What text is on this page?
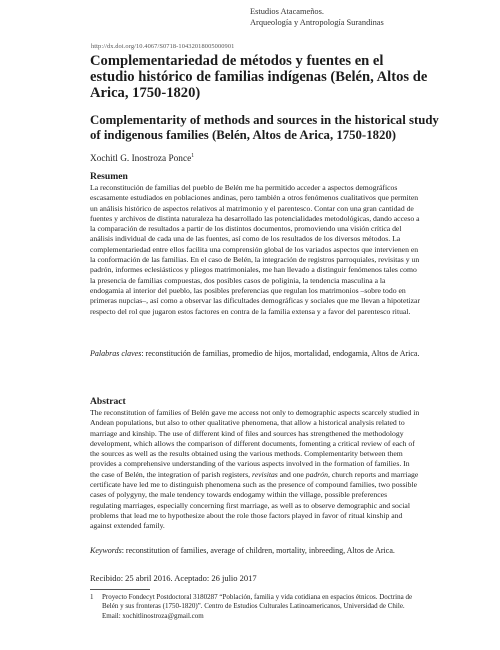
Estudios Atacameños.
Arqueología y Antropología Surandinas
http://dx.doi.org/10.4067/S0718-10432018005000901
Complementariedad de métodos y fuentes en el estudio histórico de familias indígenas (Belén, Altos de Arica, 1750-1820)
Complementarity of methods and sources in the historical study of indigenous families (Belén, Altos de Arica, 1750-1820)
Xochitl G. Inostroza Ponce$^1$
Resumen

La reconstitución de familias del pueblo de Belén me ha permitido acceder a aspectos demográficos escasamente estudiados en poblaciones andinas, pero también a otros fenómenos cualitativos que permiten un análisis histórico de aspectos relativos al matrimonio y el parentesco. Contar con una gran cantidad de fuentes y archivos de distinta naturaleza ha desarrollado las potencialidades metodológicas, dando acceso a la comparación de resultados a partir de los distintos documentos, promoviendo una visión crítica del análisis individual de cada una de las fuentes, así como de los resultados de los diversos métodos. La complementariedad entre ellos facilita una comprensión global de los variados aspectos que intervienen en la conformación de las familias. En el caso de Belén, la integración de registros parroquiales, revisitas y un padrón, informes eclesiásticos y pliegos matrimoniales, me han llevado a distinguir fenómenos tales como la presencia de familias compuestas, dos posibles casos de poliginia, la tendencia masculina a la endogamia al interior del pueblo, las posibles preferencias que regulan los matrimonios –sobre todo en primeras nupcias–, así como a observar las dificultades demográficas y sociales que me llevan a hipotetizar respecto del rol que jugaron estos factores en contra de la familia extensa y a favor del parentesco ritual.

Palabras claves: reconstitución de familias, promedio de hijos, mortalidad, endogamia, Altos de Arica.

Abstract

The reconstitution of families of Belén gave me access not only to demographic aspects scarcely studied in Andean populations, but also to other qualitative phenomena, that allow a historical analysis related to marriage and kinship. The use of different kind of files and sources has strengthened the methodology development, which allows the comparison of different documents, fomenting a critical review of each of the sources as well as the results obtained using the various methods. Complementarity between them provides a comprehensive understanding of the various aspects involved in the formation of families. In the case of Belén, the integration of parish registers, revisitas and one padrón, church reports and marriage certificate have led me to distinguish phenomena such as the presence of compound families, two possible cases of polygyny, the male tendency towards endogamy within the village, possible preferences regulating marriages, especially concerning first marriage, as well as to observe demographic and social problems that lead me to hypothesize about the role those factors played in favor of ritual kinship and against extended family.

Keywords: reconstitution of families, average of children, mortality, inbreeding, Altos de Arica.

Recibido: 25 abril 2016. Aceptado: 26 julio 2017
1 Proyecto Fondecyt Postdoctoral 3180287 “Población, familia y vida cotidiana en espacios étnicos. Doctrina de Belén y sus fronteras (1750-1820)”. Centro de Estudios Culturales Latinoamericanos, Universidad de Chile. Email: xochitlinostroza@gmail.com
